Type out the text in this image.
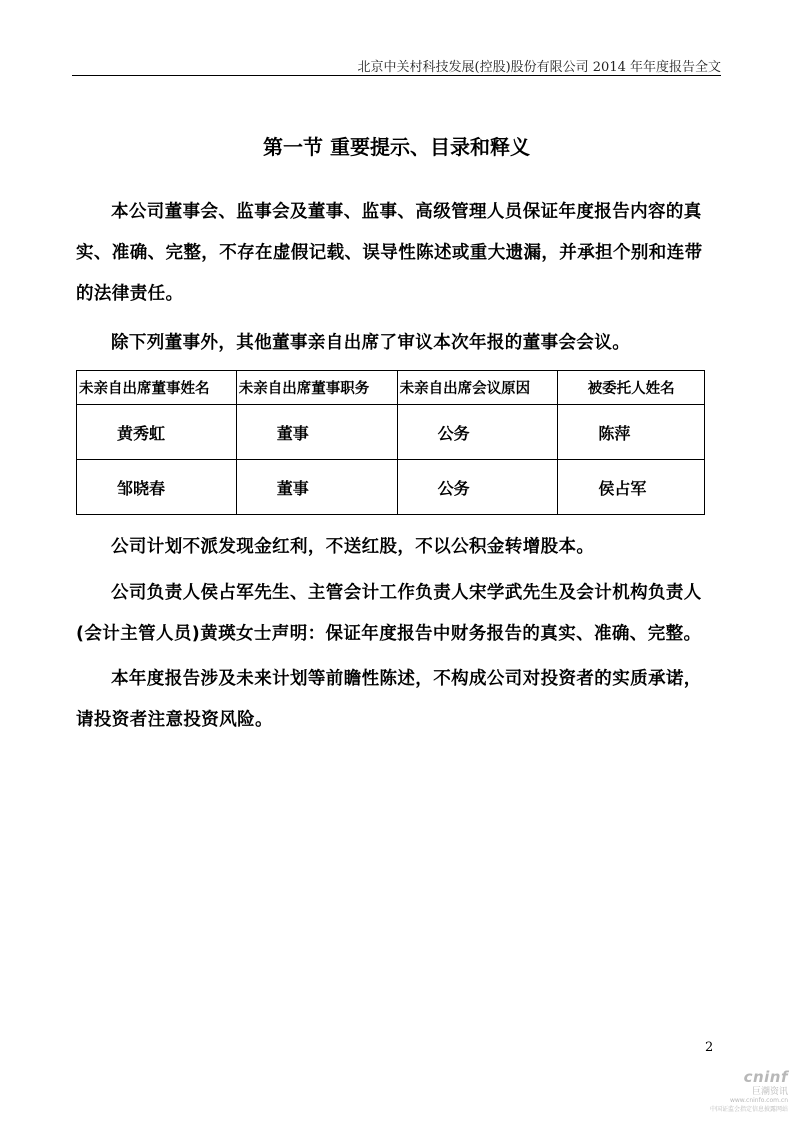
北京中关村科技发展(控股)股份有限公司 2014 年年度报告全文
第一节 重要提示、目录和释义
本公司董事会、监事会及董事、监事、高级管理人员保证年度报告内容的真实、准确、完整，不存在虚假记载、误导性陈述或重大遗漏，并承担个别和连带的法律责任。
除下列董事外，其他董事亲自出席了审议本次年报的董事会会议。
未亲自出席董事姓名	未亲自出席董事职务	未亲自出席会议原因	被委托人姓名
黄秀虹	董事	公务	陈萍
邹晓春	董事	公务	侯占军
公司计划不派发现金红利，不送红股，不以公积金转增股本。
公司负责人侯占军先生、主管会计工作负责人宋学武先生及会计机构负责人(会计主管人员)黄瑛女士声明：保证年度报告中财务报告的真实、准确、完整。
本年度报告涉及未来计划等前瞻性陈述，不构成公司对投资者的实质承诺，请投资者注意投资风险。
2
cninf
巨潮资讯
www.cninfo.com.cn
中国证监会指定信息披露网站
